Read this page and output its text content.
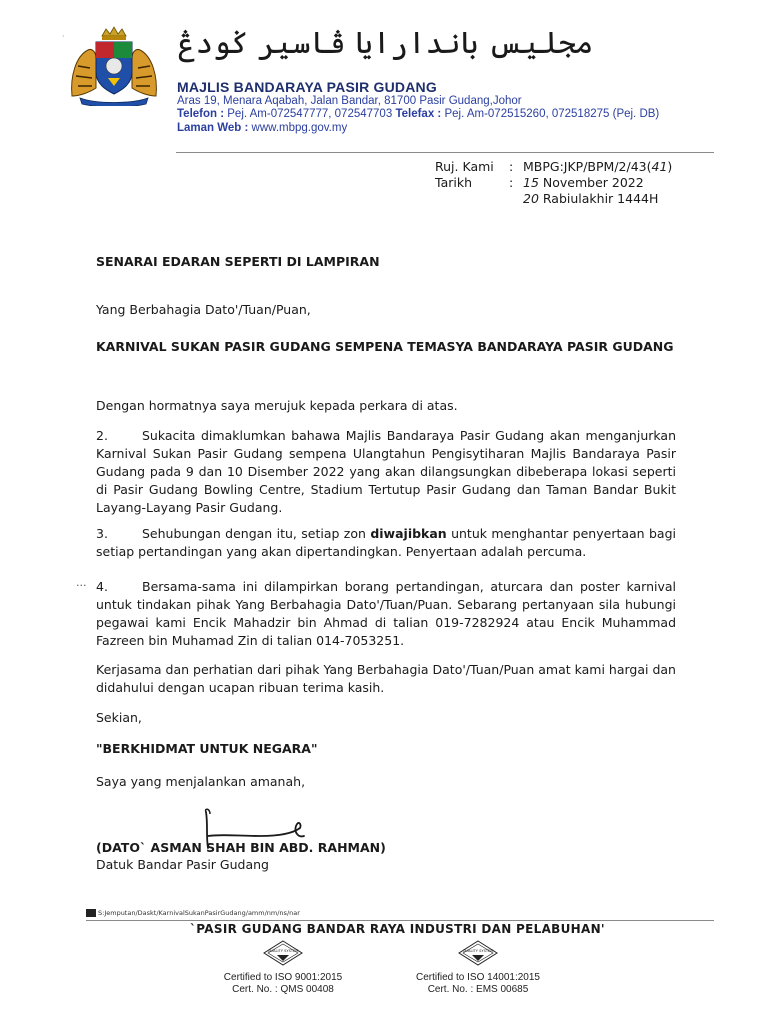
·	مجليس باندارايا ڤاسير ݢودڠ
MAJLIS BANDARAYA PASIR GUDANG
Aras 19, Menara Aqabah, Jalan Bandar, 81700 Pasir Gudang,Johor
Telefon : Pej. Am-072547777, 072547703 Telefax : Pej. Am-072515260, 072518275 (Pej. DB)
Laman Web : www.mbpg.gov.my
Ruj. Kami	: MBPG:JKP/BPM/2/43(41)
Tarikh	: 15 November 2022
20 Rabiulakhir 1444H
SENARAI EDARAN SEPERTI DI LAMPIRAN
Yang Berbahagia Dato'/Tuan/Puan,
KARNIVAL SUKAN PASIR GUDANG SEMPENA TEMASYA BANDARAYA PASIR GUDANG
Dengan hormatnya saya merujuk kepada perkara di atas.
2.	Sukacita dimaklumkan bahawa Majlis Bandaraya Pasir Gudang akan menganjurkan Karnival Sukan Pasir Gudang sempena Ulangtahun Pengisytiharan Majlis Bandaraya Pasir Gudang pada 9 dan 10 Disember 2022 yang akan dilangsungkan dibeberapa lokasi seperti di Pasir Gudang Bowling Centre, Stadium Tertutup Pasir Gudang dan Taman Bandar Bukit Layang-Layang Pasir Gudang.
3.	Sehubungan dengan itu, setiap zon diwajibkan untuk menghantar penyertaan bagi setiap pertandingan yang akan dipertandingkan. Penyertaan adalah percuma.
··· 4.	Bersama-sama ini dilampirkan borang pertandingan, aturcara dan poster karnival untuk tindakan pihak Yang Berbahagia Dato'/Tuan/Puan. Sebarang pertanyaan sila hubungi pegawai kami Encik Mahadzir bin Ahmad di talian 019-7282924 atau Encik Muhammad Fazreen bin Muhamad Zin di talian 014-7053251.
Kerjasama dan perhatian dari pihak Yang Berbahagia Dato'/Tuan/Puan amat kami hargai dan didahului dengan ucapan ribuan terima kasih.
Sekian,
"BERKHIDMAT UNTUK NEGARA"
Saya yang menjalankan amanah,
(DATO` ASMAN SHAH BIN ABD. RAHMAN)
Datuk Bandar Pasir Gudang
S:Jemputan/Daskt/KarnivalSukanPasirGudang/amm/nm/ns/nar
`PASIR GUDANG BANDAR RAYA INDUSTRI DAN PELABUHAN'
QUALITY SYSTEM	QUALITY SYSTEM
Certified to ISO 9001:2015
Cert. No. : QMS 00408
Certified to ISO 14001:2015
Cert. No. : EMS 00685
